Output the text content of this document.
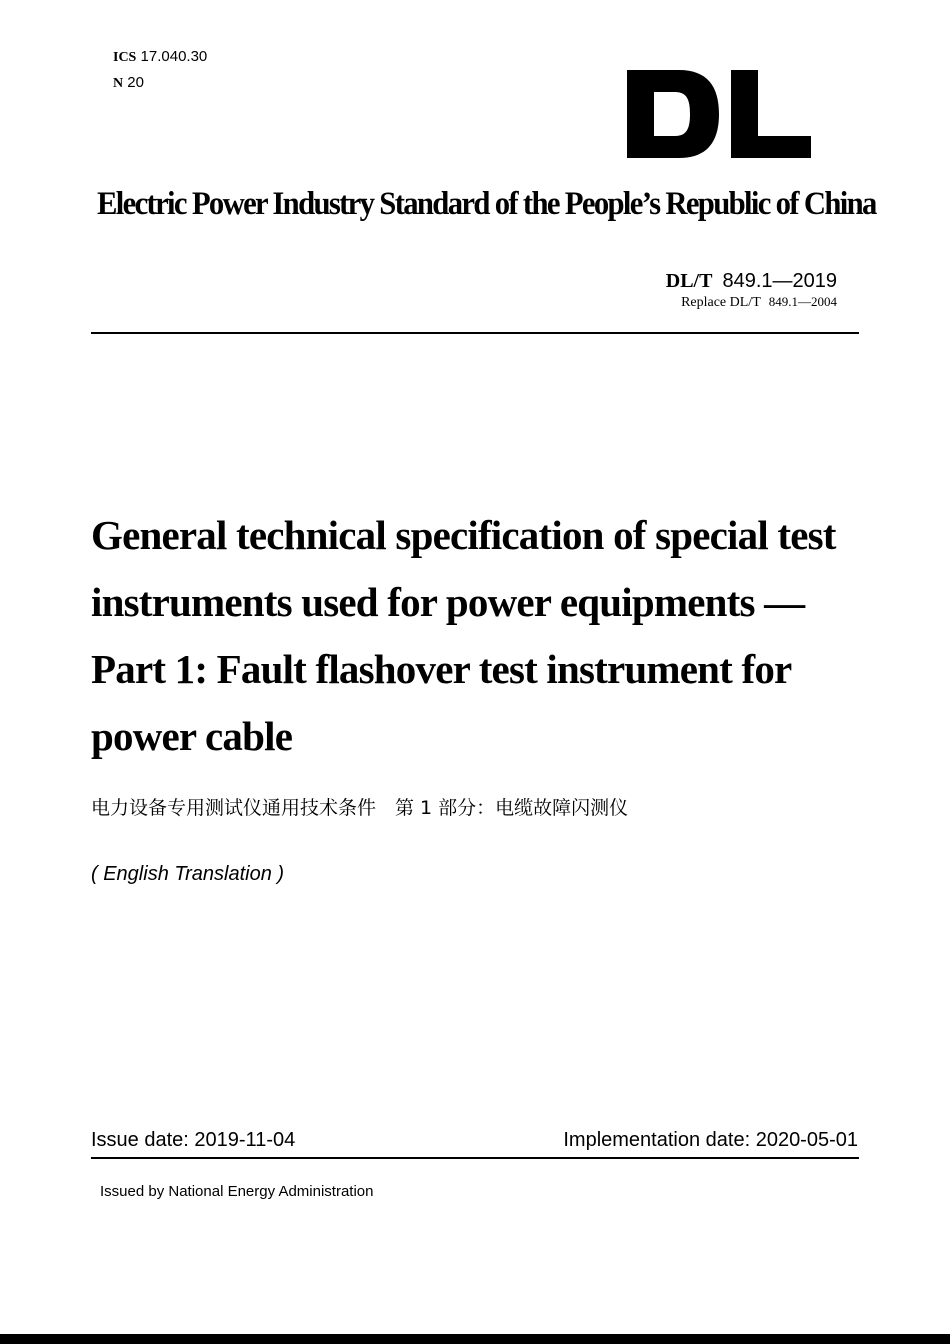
ICS 17.040.30
N 20
Electric Power Industry Standard of the People’s Republic of China
DL/T 849.1—2019
Replace DL/T 849.1—2004
General technical specification of special test
instruments used for power equipments —
Part 1: Fault flashover test instrument for
power cable
电力设备专用测试仪通用技术条件　第 1 部分：电缆故障闪测仪
( English Translation )
Issue date: 2019-11-04	Implementation date: 2020-05-01
Issued by National Energy Administration
